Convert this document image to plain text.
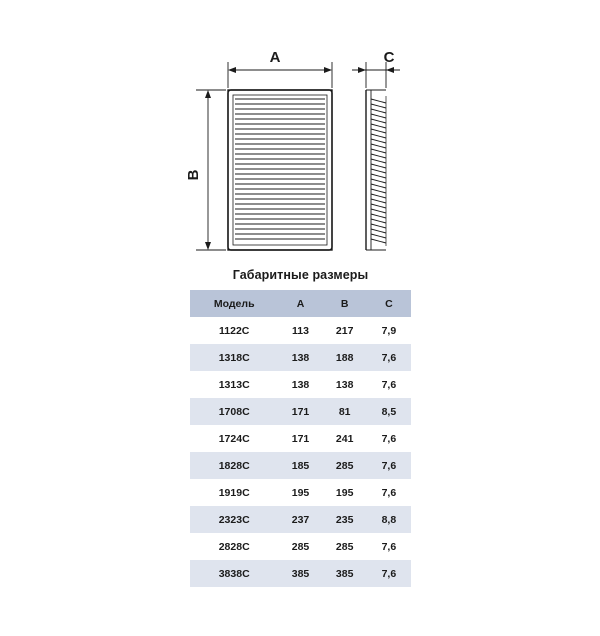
A
B
C
Габаритные размеры
Модель	A	B	C
1122C	113	217	7,9
1318C	138	188	7,6
1313C	138	138	7,6
1708C	171	81	8,5
1724C	171	241	7,6
1828C	185	285	7,6
1919C	195	195	7,6
2323C	237	235	8,8
2828C	285	285	7,6
3838C	385	385	7,6
